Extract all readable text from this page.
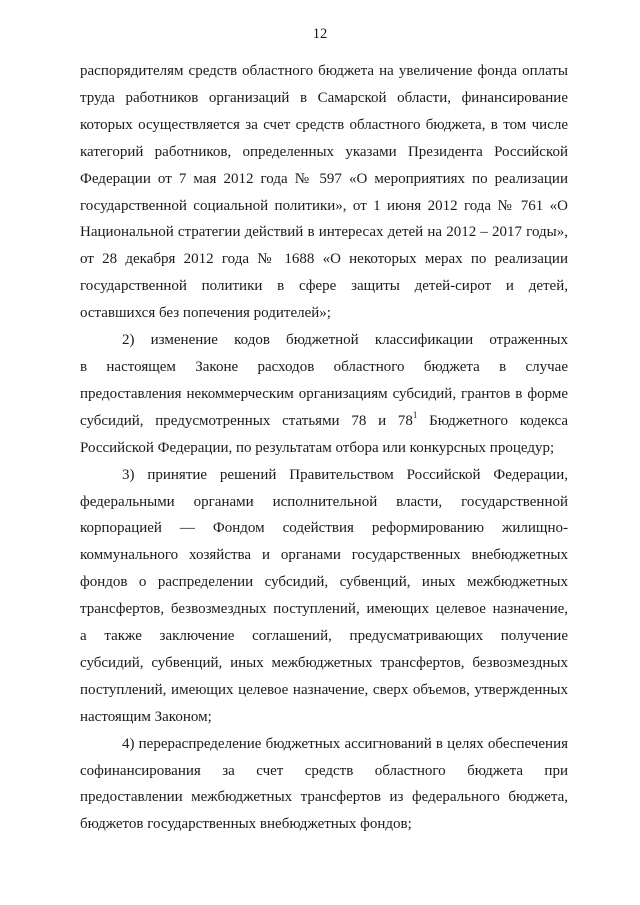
12
распорядителям средств областного бюджета на увеличение фонда оплаты
труда работников организаций в Самарской области, финансирование
которых осуществляется за счет средств областного бюджета, в том числе
категорий работников, определенных указами Президента Российской
Федерации от 7 мая 2012 года № 597 «О мероприятиях по реализации
государственной социальной политики», от 1 июня 2012 года № 761 «О
Национальной стратегии действий в интересах детей на 2012 – 2017 годы»,
от 28 декабря 2012 года № 1688 «О некоторых мерах по реализации
государственной политики в сфере защиты детей-сирот и детей,
оставшихся без попечения родителей»;
2) изменение кодов бюджетной классификации отраженных
в настоящем Законе расходов областного бюджета в случае
предоставления некоммерческим организациям субсидий, грантов в форме
субсидий, предусмотренных статьями 78 и $78^1$ Бюджетного кодекса
Российской Федерации, по результатам отбора или конкурсных процедур;
3) принятие решений Правительством Российской Федерации,
федеральными органами исполнительной власти, государственной
корпорацией — Фондом содействия реформированию жилищно-
коммунального хозяйства и органами государственных внебюджетных
фондов о распределении субсидий, субвенций, иных межбюджетных
трансфертов, безвозмездных поступлений, имеющих целевое назначение,
а также заключение соглашений, предусматривающих получение
субсидий, субвенций, иных межбюджетных трансфертов, безвозмездных
поступлений, имеющих целевое назначение, сверх объемов, утвержденных
настоящим Законом;
4) перераспределение бюджетных ассигнований в целях обеспечения
софинансирования за счет средств областного бюджета при
предоставлении межбюджетных трансфертов из федерального бюджета,
бюджетов государственных внебюджетных фондов;
